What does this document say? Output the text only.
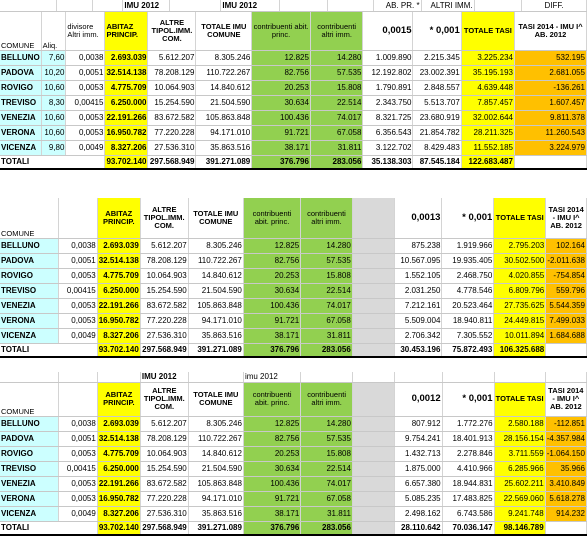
			IMU 2012		IMU 2012			AB. PR. *	ALTRI IMM.		DIFF.
COMUNE	Aliq.	divisore Altri imm.	ABITAZ PRINCIP.	ALTRE TIPOL.IMM. COM.	TOTALE IMU COMUNE	contribuenti abit. princ.	contribuenti altri imm.	0,0015	* 0,001	TOTALE TASI	TASI 2014 - IMU I^ AB. 2012
BELLUNO	7,60	0,0038	2.693.039	5.612.207	8.305.246	12.825	14.280	1.009.890	2.215.345	3.225.234	532.195
PADOVA	10,20	0,0051	32.514.138	78.208.129	110.722.267	82.756	57.535	12.192.802	23.002.391	35.195.193	2.681.055
ROVIGO	10,60	0,0053	4.775.709	10.064.903	14.840.612	20.253	15.808	1.790.891	2.848.557	4.639.448	-136.261
TREVISO	8,30	0,00415	6.250.000	15.254.590	21.504.590	30.634	22.514	2.343.750	5.513.707	7.857.457	1.607.457
VENEZIA	10,60	0,0053	22.191.266	83.672.582	105.863.848	100.436	74.017	8.321.725	23.680.919	32.002.644	9.811.378
VERONA	10,60	0,0053	16.950.782	77.220.228	94.171.010	91.721	67.058	6.356.543	21.854.782	28.211.325	11.260.543
VICENZA	9,80	0,0049	8.327.206	27.536.310	35.863.516	38.171	31.811	3.122.702	8.429.483	11.552.185	3.224.979
TOTALI			93.702.140	297.568.949	391.271.089	376.796	283.056	35.138.303	87.545.184	122.683.487	
COMUNE		ABITAZ PRINCIP.	ALTRE TIPOL.IMM. COM.	TOTALE IMU COMUNE	contribuenti abit. princ.	contribuenti altri imm.		0,0013	* 0,001	TOTALE TASI	TASI 2014 - IMU I^ AB. 2012
BELLUNO	0,0038	2.693.039	5.612.207	8.305.246	12.825	14.280		875.238	1.919.966	2.795.203	102.164
PADOVA	0,0051	32.514.138	78.208.129	110.722.267	82.756	57.535		10.567.095	19.935.405	30.502.500	-2.011.638
ROVIGO	0,0053	4.775.709	10.064.903	14.840.612	20.253	15.808		1.552.105	2.468.750	4.020.855	-754.854
TREVISO	0,00415	6.250.000	15.254.590	21.504.590	30.634	22.514		2.031.250	4.778.546	6.809.796	559.796
VENEZIA	0,0053	22.191.266	83.672.582	105.863.848	100.436	74.017		7.212.161	20.523.464	27.735.625	5.544.359
VERONA	0,0053	16.950.782	77.220.228	94.171.010	91.721	67.058		5.509.004	18.940.811	24.449.815	7.499.033
VICENZA	0,0049	8.327.206	27.536.310	35.863.516	38.171	31.811		2.706.342	7.305.552	10.011.894	1.684.688
TOTALI		93.702.140	297.568.949	391.271.089	376.796	283.056		30.453.196	75.872.493	106.325.688	
			IMU 2012		imu 2012						
COMUNE		ABITAZ PRINCIP.	ALTRE TIPOL.IMM. COM.	TOTALE IMU COMUNE	contribuenti abit. princ.	contribuenti altri imm.		0,0012	* 0,001	TOTALE TASI	TASI 2014 - IMU I^ AB. 2012
BELLUNO	0,0038	2.693.039	5.612.207	8.305.246	12.825	14.280		807.912	1.772.276	2.580.188	-112.851
PADOVA	0,0051	32.514.138	78.208.129	110.722.267	82.756	57.535		9.754.241	18.401.913	28.156.154	-4.357.984
ROVIGO	0,0053	4.775.709	10.064.903	14.840.612	20.253	15.808		1.432.713	2.278.846	3.711.559	-1.064.150
TREVISO	0,00415	6.250.000	15.254.590	21.504.590	30.634	22.514		1.875.000	4.410.966	6.285.966	35.966
VENEZIA	0,0053	22.191.266	83.672.582	105.863.848	100.436	74.017		6.657.380	18.944.831	25.602.211	3.410.849
VERONA	0,0053	16.950.782	77.220.228	94.171.010	91.721	67.058		5.085.235	17.483.825	22.569.060	5.618.278
VICENZA	0,0049	8.327.206	27.536.310	35.863.516	38.171	31.811		2.498.162	6.743.586	9.241.748	914.232
TOTALI		93.702.140	297.568.949	391.271.089	376.796	283.056		28.110.642	70.036.147	98.146.789	
